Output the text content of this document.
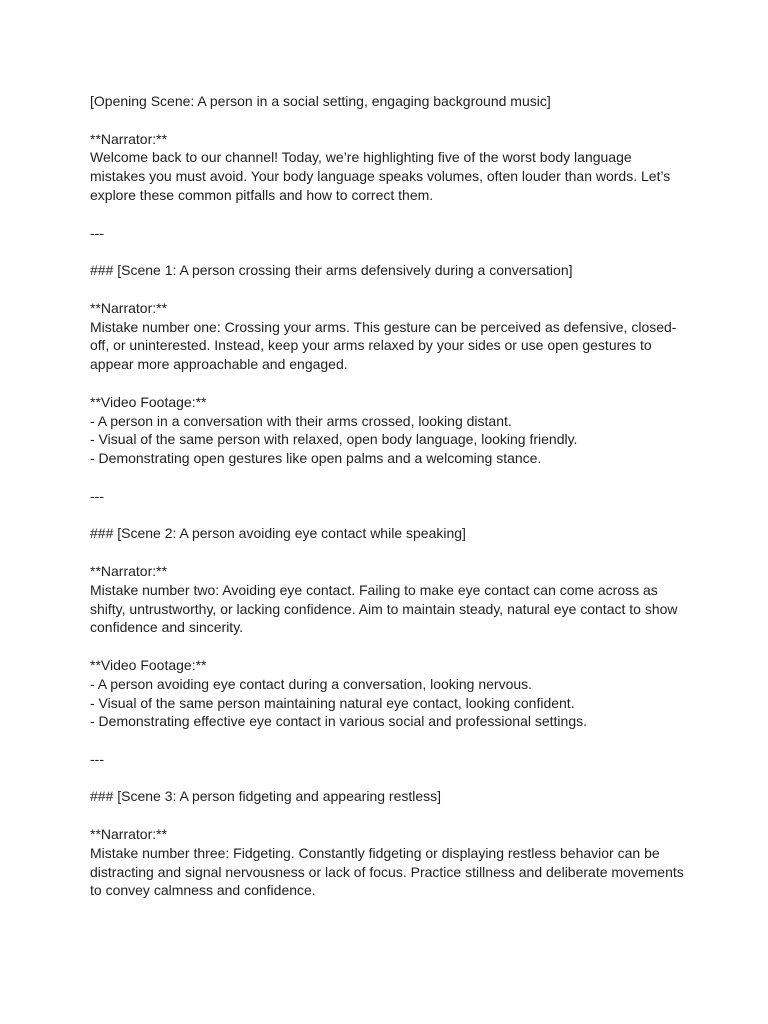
[Opening Scene: A person in a social setting, engaging background music]
**Narrator:**
Welcome back to our channel! Today, we’re highlighting five of the worst body language mistakes you must avoid. Your body language speaks volumes, often louder than words. Let’s explore these common pitfalls and how to correct them.
---
### [Scene 1: A person crossing their arms defensively during a conversation]
**Narrator:**
Mistake number one: Crossing your arms. This gesture can be perceived as defensive, closed-off, or uninterested. Instead, keep your arms relaxed by your sides or use open gestures to appear more approachable and engaged.
**Video Footage:**
- A person in a conversation with their arms crossed, looking distant.
- Visual of the same person with relaxed, open body language, looking friendly.
- Demonstrating open gestures like open palms and a welcoming stance.
---
### [Scene 2: A person avoiding eye contact while speaking]
**Narrator:**
Mistake number two: Avoiding eye contact. Failing to make eye contact can come across as shifty, untrustworthy, or lacking confidence. Aim to maintain steady, natural eye contact to show confidence and sincerity.
**Video Footage:**
- A person avoiding eye contact during a conversation, looking nervous.
- Visual of the same person maintaining natural eye contact, looking confident.
- Demonstrating effective eye contact in various social and professional settings.
---
### [Scene 3: A person fidgeting and appearing restless]
**Narrator:**
Mistake number three: Fidgeting. Constantly fidgeting or displaying restless behavior can be distracting and signal nervousness or lack of focus. Practice stillness and deliberate movements to convey calmness and confidence.
